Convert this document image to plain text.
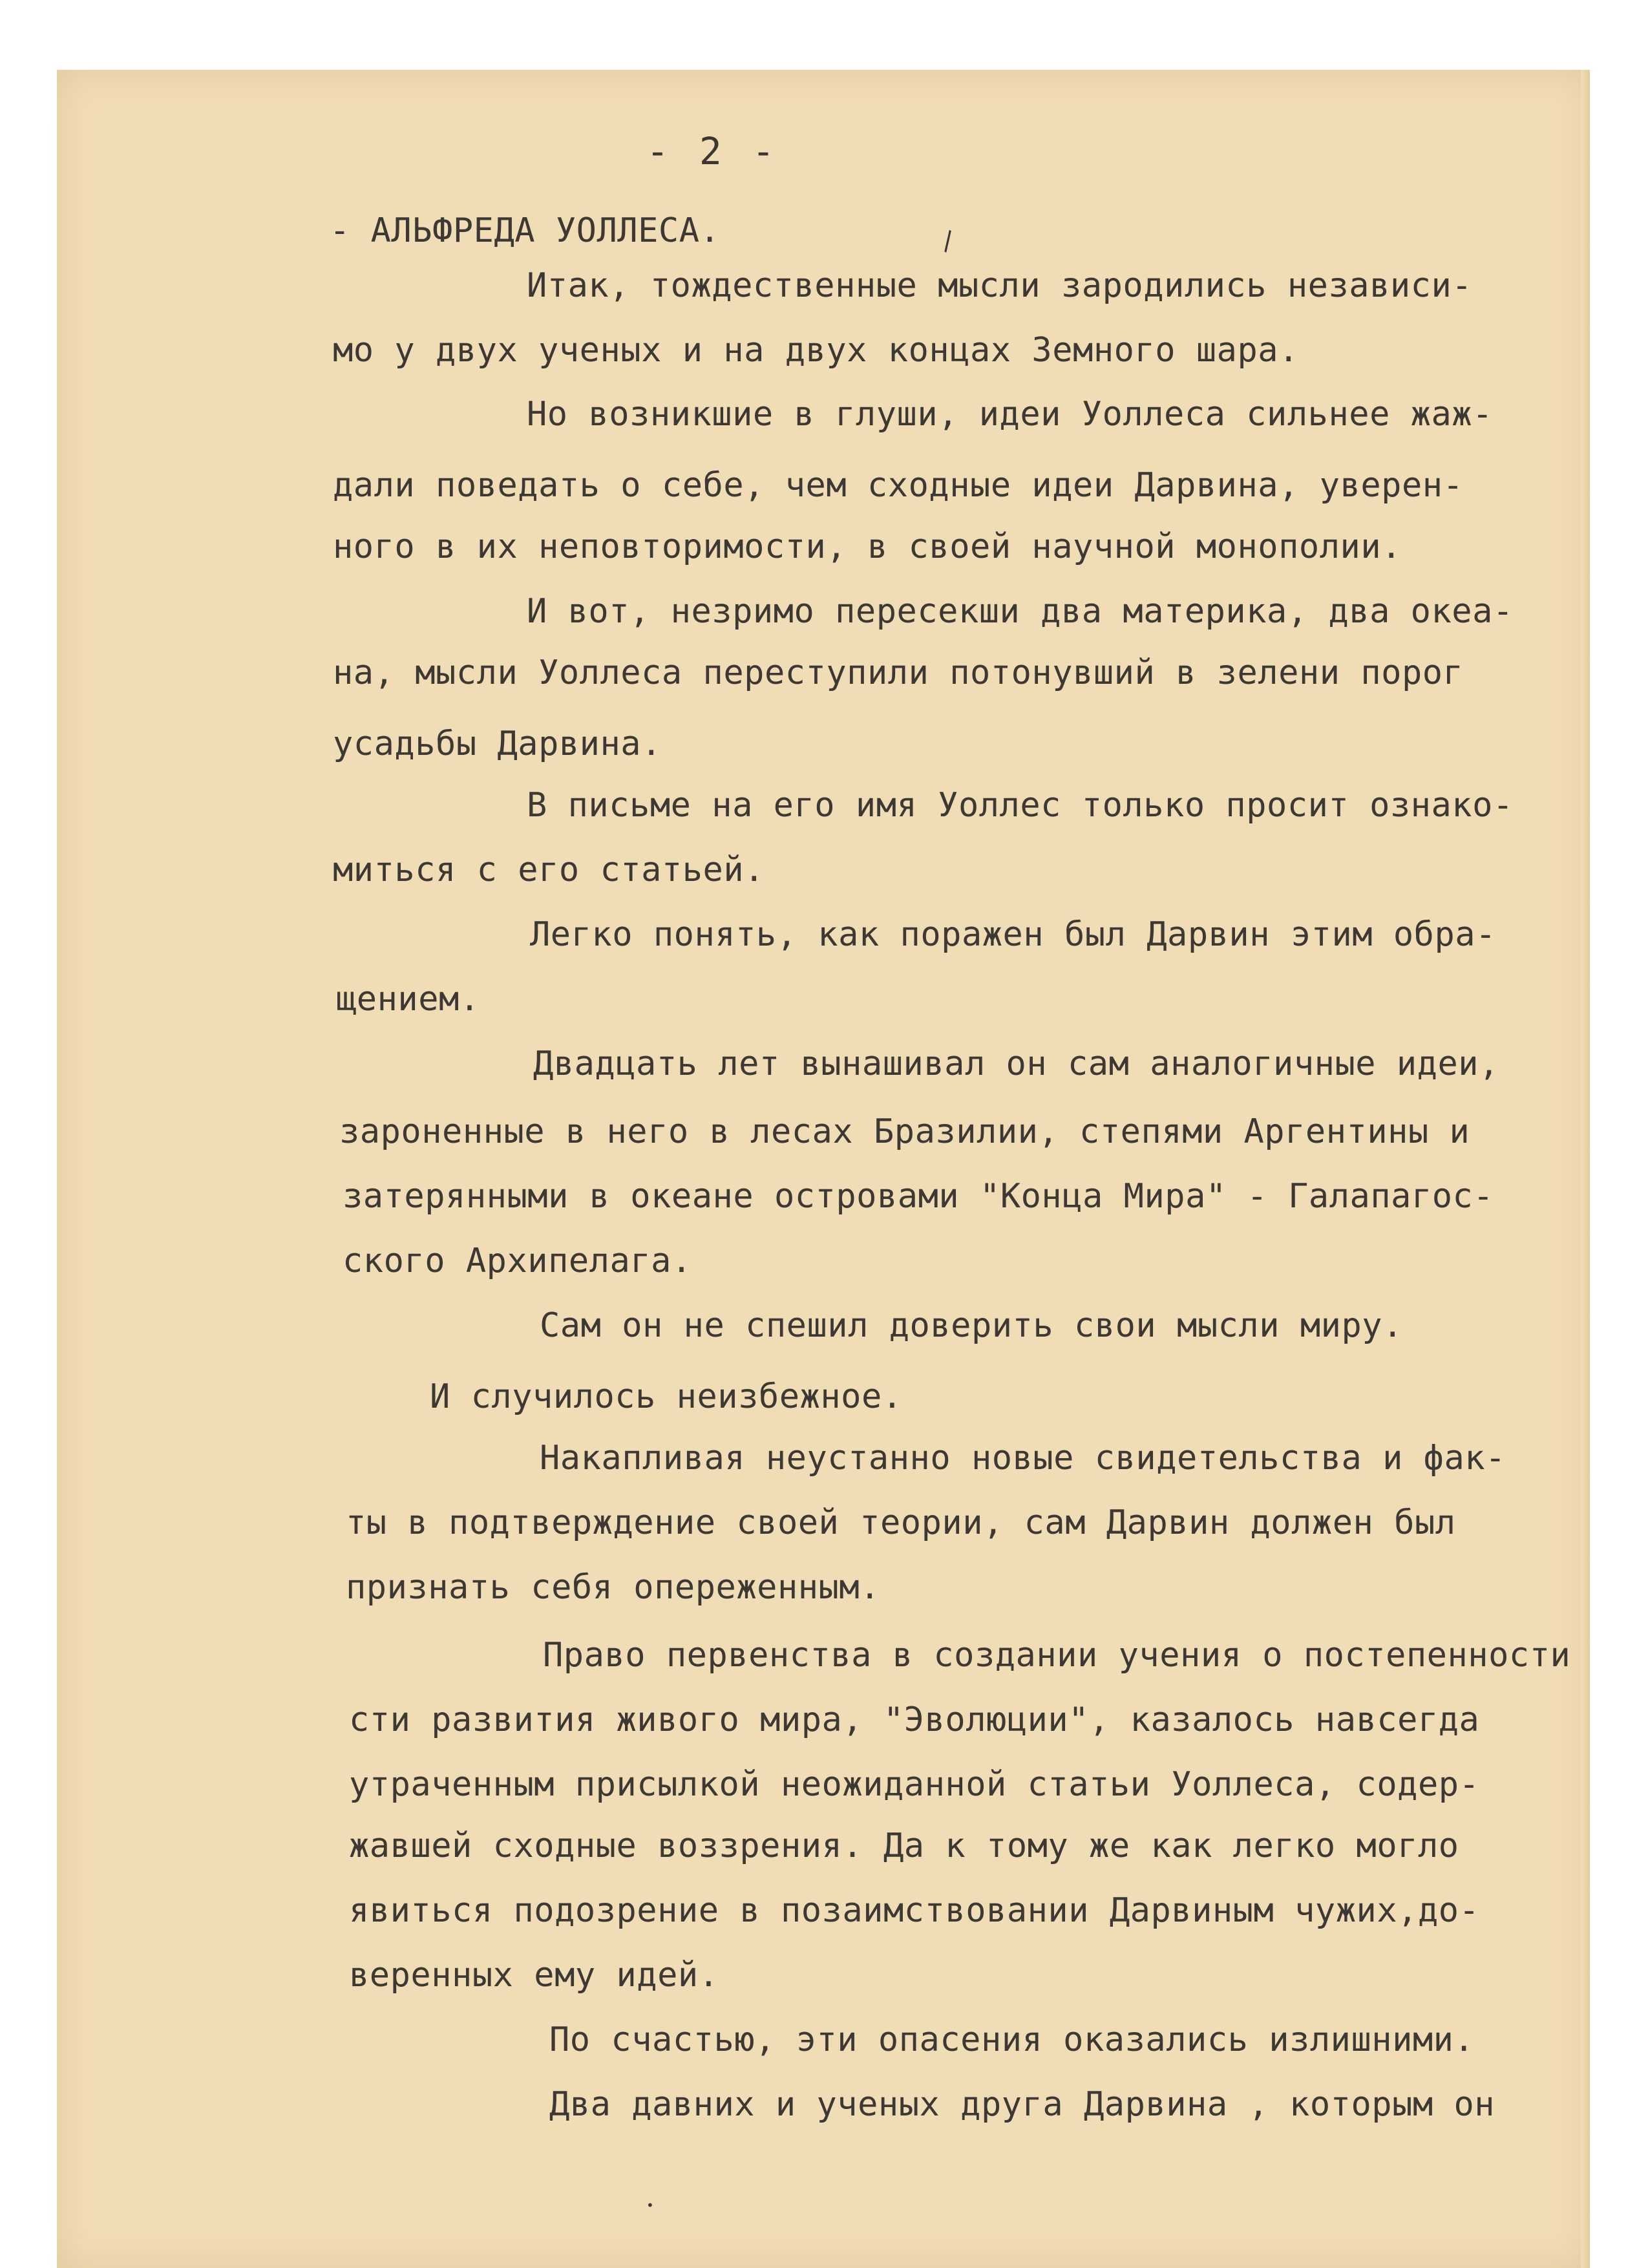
- 2 -
- АЛЬФРЕДА УОЛЛЕСА.
Итак, тождественные мысли зародились независи-
мо у двух ученых и на двух концах Земного шара.
Но возникшие в глуши, идеи Уоллеса сильнее жаж-
дали поведать о себе, чем сходные идеи Дарвина, уверен-
ного в их неповторимости, в своей научной монополии.
И вот, незримо пересекши два материка, два океа-
на, мысли Уоллеса переступили потонувший в зелени порог
усадьбы Дарвина.
В письме на его имя Уоллес только просит ознако-
миться с его статьей.
Легко понять, как поражен был Дарвин этим обра-
щением.
Двадцать лет вынашивал он сам аналогичные идеи,
зароненные в него в лесах Бразилии, степями Аргентины и
затерянными в океане островами "Конца Мира" - Галапагос-
ского Архипелага.
Сам он не спешил доверить свои мысли миру.
И случилось неизбежное.
Накапливая неустанно новые свидетельства и фак-
ты в подтверждение своей теории, сам Дарвин должен был
признать себя опереженным.
Право первенства в создании учения о постепенности
сти развития живого мира, "Эволюции", казалось навсегда
утраченным присылкой неожиданной статьи Уоллеса, содер-
жавшей сходные воззрения. Да к тому же как легко могло
явиться подозрение в позаимствовании Дарвиным чужих,до-
веренных ему идей.
По счастью, эти опасения оказались излишними.
Два давних и ученых друга Дарвина , которым он
\
•
